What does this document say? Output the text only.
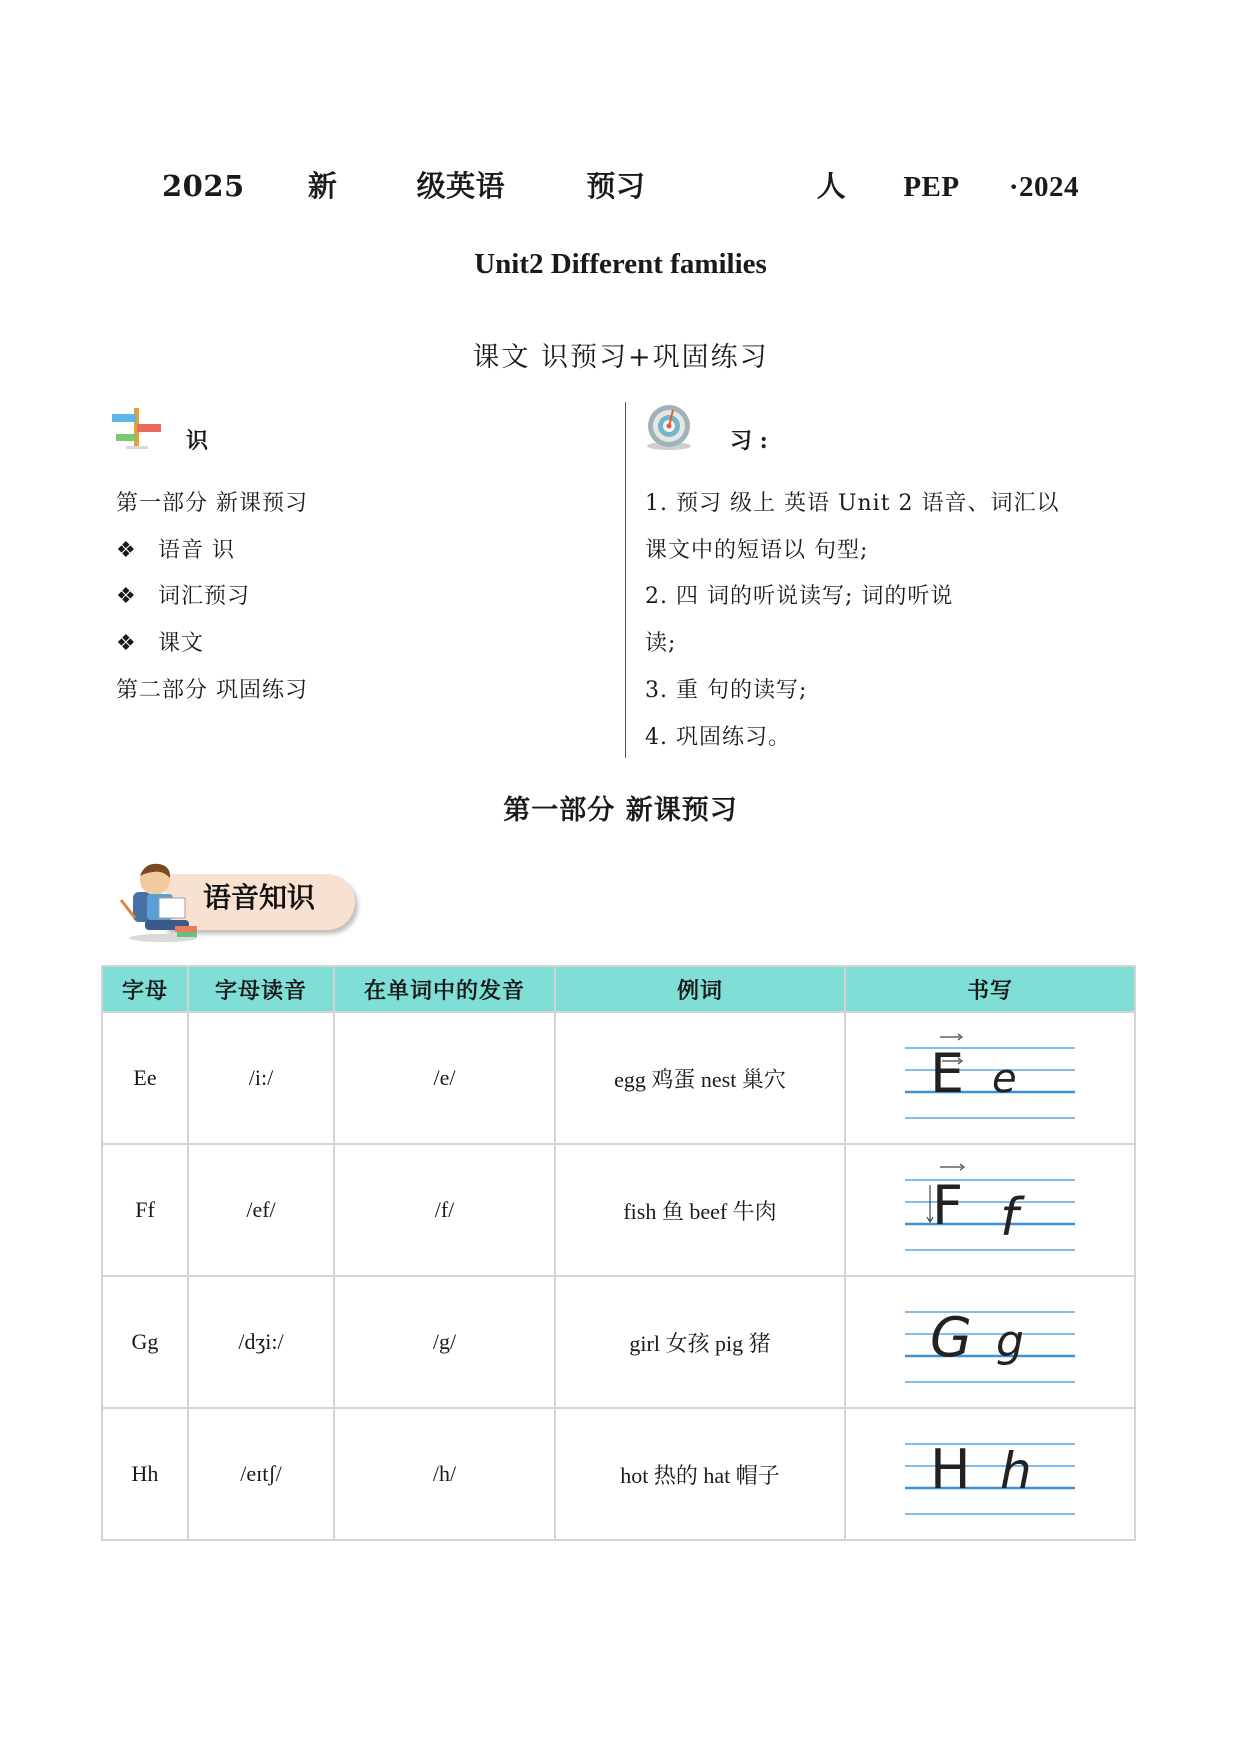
2025 新	级英语	预习	人 PEP ·2024
Unit2 Different families
课文 识预习+巩固练习
识
第一部分 新课预习
❖ 语音 识
❖ 词汇预习
❖ 课文
第二部分 巩固练习
习 :
1. 预习 级上 英语 Unit 2 语音、词汇以
课文中的短语以 句型;
2. 四 词的听说读写; 词的听说
读;
3. 重 句的读写;
4. 巩固练习。
第一部分 新课预习
语音知识
字母	字母读音	在单词中的发音	例词	书写
Ee	/i:/	/e/	egg 鸡蛋 nest 巢穴	E e

Ff	/ef/	/f/	fish 鱼 beef 牛肉	F f

Gg	/dʒi:/	/g/	girl 女孩 pig 猪	G g

Hh	/eɪtʃ/	/h/	hot 热的 hat 帽子	H h
